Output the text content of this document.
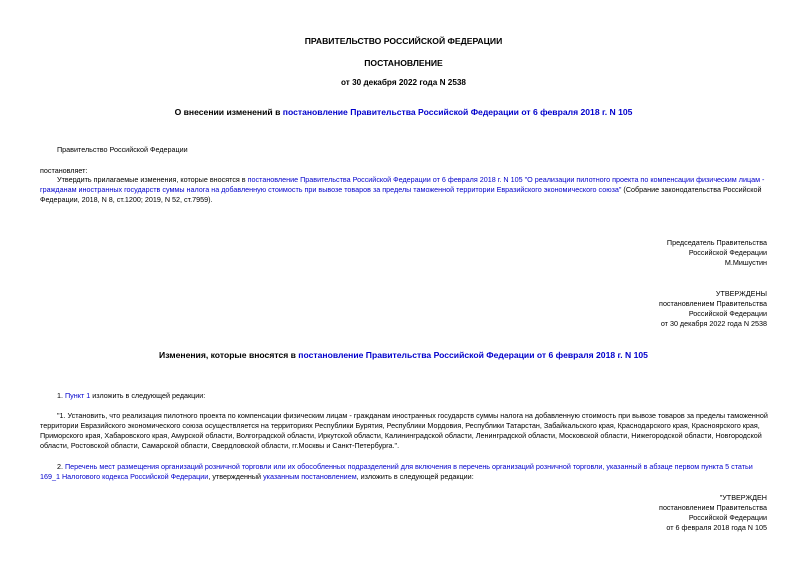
ПРАВИТЕЛЬСТВО РОССИЙСКОЙ ФЕДЕРАЦИИ
ПОСТАНОВЛЕНИЕ
от 30 декабря 2022 года N 2538
О внесении изменений в постановление Правительства Российской Федерации от 6 февраля 2018 г. N 105

Правительство Российской Федерации

постановляет:

Утвердить прилагаемые изменения, которые вносятся в постановление Правительства Российской Федерации от 6 февраля 2018 г. N 105 "О реализации пилотного проекта по компенсации физическим лицам - гражданам иностранных государств суммы налога на добавленную стоимость при вывозе товаров за пределы таможенной территории Евразийского экономического союза" (Собрание законодательства Российской Федерации, 2018, N 8, ст.1200; 2019, N 52, ст.7959).

Председатель Правительства
Российской Федерации
М.Мишустин
УТВЕРЖДЕНЫ
постановлением Правительства
Российской Федерации
от 30 декабря 2022 года N 2538
Изменения, которые вносятся в постановление Правительства Российской Федерации от 6 февраля 2018 г. N 105

1. Пункт 1 изложить в следующей редакции:

"1. Установить, что реализация пилотного проекта по компенсации физическим лицам - гражданам иностранных государств суммы налога на добавленную стоимость при вывозе товаров за пределы таможенной территории Евразийского экономического союза осуществляется на территориях Республики Бурятия, Республики Мордовия, Республики Татарстан, Забайкальского края, Краснодарского края, Красноярского края, Приморского края, Хабаровского края, Амурской области, Волгоградской области, Иркутской области, Калининградской области, Ленинградской области, Московской области, Нижегородской области, Новгородской области, Ростовской области, Самарской области, Свердловской области, гг.Москвы и Санкт-Петербурга.".

2. Перечень мест размещения организаций розничной торговли или их обособленных подразделений для включения в перечень организаций розничной торговли, указанный в абзаце первом пункта 5 статьи 169_1 Налогового кодекса Российской Федерации, утвержденный указанным постановлением, изложить в следующей редакции:

"УТВЕРЖДЕН
постановлением Правительства
Российской Федерации
от 6 февраля 2018 года N 105
